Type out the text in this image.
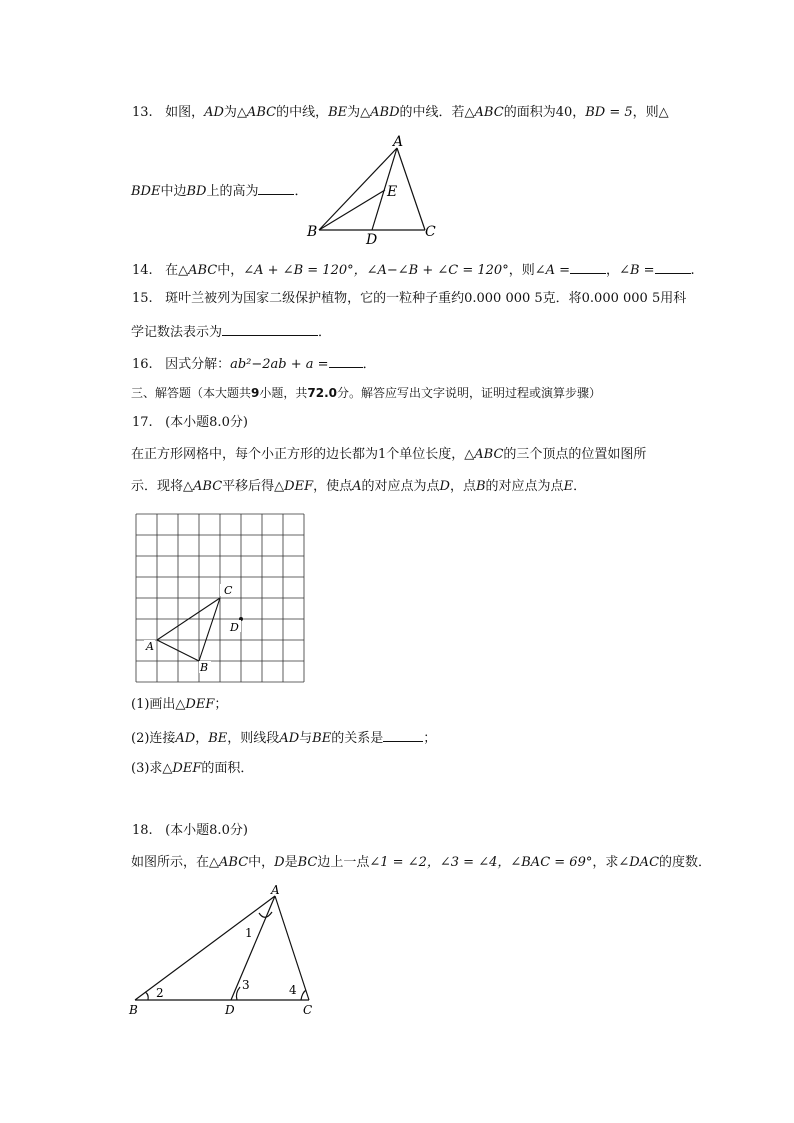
13. 如图，AD为△ABC的中线，BE为△ABD的中线．若△ABC的面积为40，BD = 5，则△
BDE中边BD上的高为	．
A
E
B	D	C
14. 在△ABC中，∠A + ∠B = 120°，∠A−∠B + ∠C = 120°，则∠A =	，∠B =	.
15. 斑叶兰被列为国家二级保护植物，它的一粒种子重约0.000 000 5克．将0.000 000 5用科
学记数法表示为	．
16. 因式分解：ab²−2ab + a =	．
三、解答题（本大题共9小题，共72.0分。解答应写出文字说明，证明过程或演算步骤）
17. (本小题8.0分)
在正方形网格中，每个小正方形的边长都为1个单位长度，△ABC的三个顶点的位置如图所
示．现将△ABC平移后得△DEF，使点A的对应点为点D，点B的对应点为点E．
C
D
A
B
(1)画出△DEF；
(2)连接AD，BE，则线段AD与BE的关系是	；
(3)求△DEF的面积．
18. (本小题8.0分)
如图所示，在△ABC中，D是BC边上一点∠1 = ∠2，∠3 = ∠4，∠BAC = 69°，求∠DAC的度数．
A
B	D	C
1
2
3	4
